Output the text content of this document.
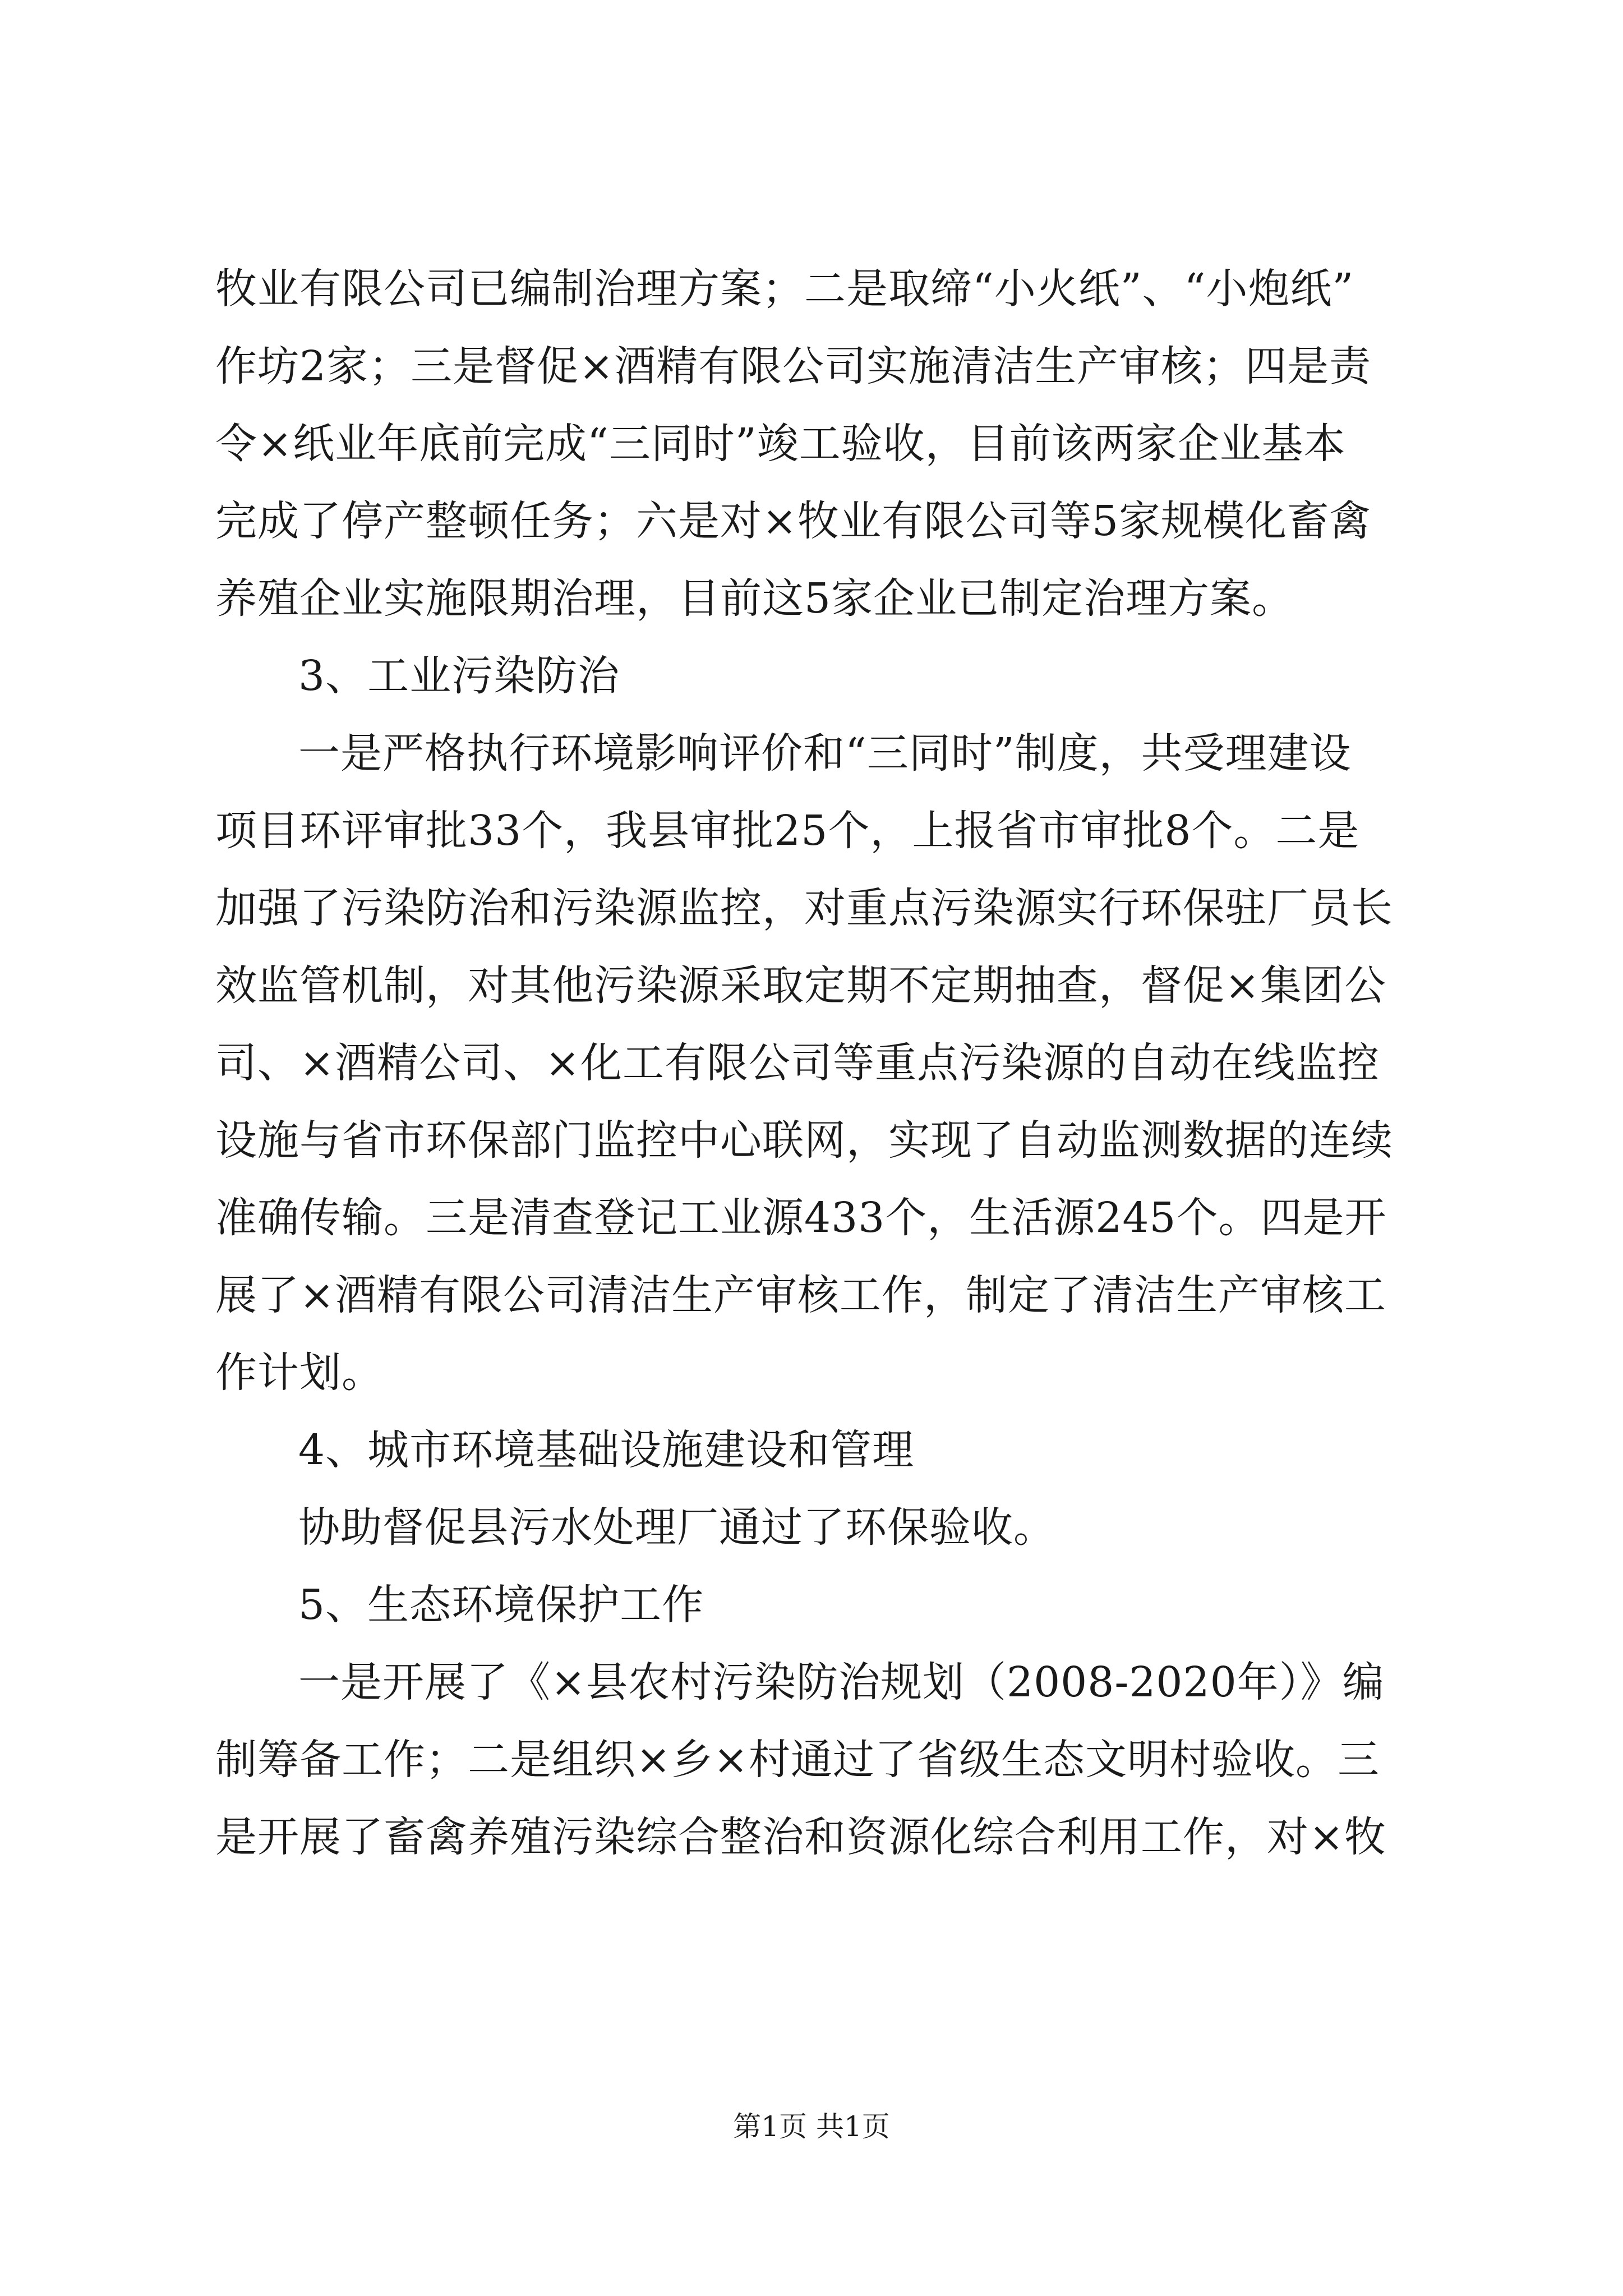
牧业有限公司已编制治理方案；二是取缔“小火纸”、“小炮纸”
作坊2家；三是督促×酒精有限公司实施清洁生产审核；四是责
令×纸业年底前完成“三同时”竣工验收，目前该两家企业基本
完成了停产整顿任务；六是对×牧业有限公司等5家规模化畜禽
养殖企业实施限期治理，目前这5家企业已制定治理方案。
3、工业污染防治
一是严格执行环境影响评价和“三同时”制度，共受理建设
项目环评审批33个，我县审批25个，上报省市审批8个。二是
加强了污染防治和污染源监控，对重点污染源实行环保驻厂员长
效监管机制，对其他污染源采取定期不定期抽查，督促×集团公
司、×酒精公司、×化工有限公司等重点污染源的自动在线监控
设施与省市环保部门监控中心联网，实现了自动监测数据的连续
准确传输。三是清查登记工业源433个，生活源245个。四是开
展了×酒精有限公司清洁生产审核工作，制定了清洁生产审核工
作计划。
4、城市环境基础设施建设和管理
协助督促县污水处理厂通过了环保验收。
5、生态环境保护工作
一是开展了《×县农村污染防治规划（2008-2020年）》编
制筹备工作；二是组织×乡×村通过了省级生态文明村验收。三
是开展了畜禽养殖污染综合整治和资源化综合利用工作，对×牧
第1页 共1页
